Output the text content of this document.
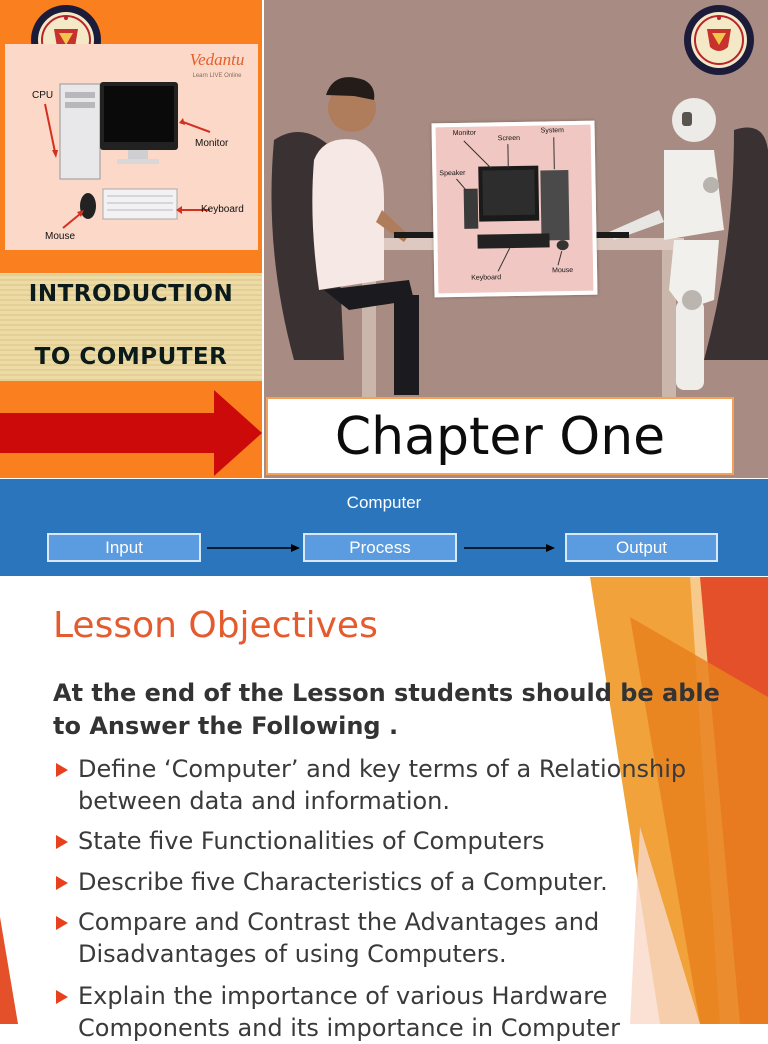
Vedantu
Learn LIVE Online
CPU
Monitor
Keyboard
Mouse
INTRODUCTION
TO COMPUTER
Monitor
Screen
System
Speaker
Keyboard
Mouse
Chapter One
Computer
Input	Process	Output
Lesson Objectives
At the end of the Lesson students should be able to Answer the Following .
Define ‘Computer’ and key terms of a Relationship between data and information.
State five Functionalities of Computers
Describe five Characteristics of a Computer.
Compare and Contrast the Advantages and Disadvantages of using Computers.
Explain the importance of various Hardware Components and its importance in Computer
